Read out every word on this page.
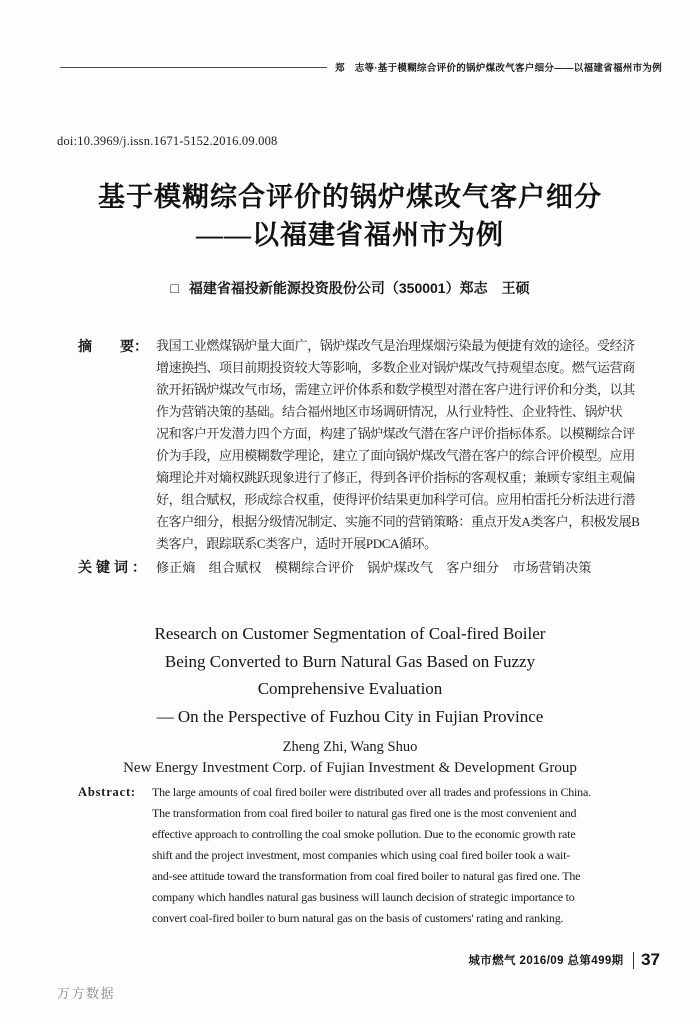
郑　志等·基于模糊综合评价的锅炉煤改气客户细分——以福建省福州市为例
doi:10.3969/j.issn.1671-5152.2016.09.008
基于模糊综合评价的锅炉煤改气客户细分
——以福建省福州市为例
□ 福建省福投新能源投资股份公司（350001）郑志　王硕
摘 要： 我国工业燃煤锅炉量大面广，锅炉煤改气是治理煤烟污染最为便捷有效的途径。受经济
增速换挡、项目前期投资较大等影响，多数企业对锅炉煤改气持观望态度。燃气运营商
欲开拓锅炉煤改气市场，需建立评价体系和数学模型对潜在客户进行评价和分类，以其
作为营销决策的基础。结合福州地区市场调研情况，从行业特性、企业特性、锅炉状
况和客户开发潜力四个方面，构建了锅炉煤改气潜在客户评价指标体系。以模糊综合评
价为手段，应用模糊数学理论，建立了面向锅炉煤改气潜在客户的综合评价模型。应用
熵理论并对熵权跳跃现象进行了修正，得到各评价指标的客观权重；兼顾专家组主观偏
好，组合赋权，形成综合权重，使得评价结果更加科学可信。应用柏雷托分析法进行潜
在客户细分，根据分级情况制定、实施不同的营销策略：重点开发A类客户，积极发展B
类客户，跟踪联系C类客户，适时开展PDCA循环。
关键词： 修正熵　组合赋权　模糊综合评价　锅炉煤改气　客户细分　市场营销决策
Research on Customer Segmentation of Coal-fired Boiler
Being Converted to Burn Natural Gas Based on Fuzzy
Comprehensive Evaluation
— On the Perspective of Fuzhou City in Fujian Province
Zheng Zhi, Wang Shuo
New Energy Investment Corp. of Fujian Investment & Development Group
Abstract:	The large amounts of coal fired boiler were distributed over all trades and professions in China.
The transformation from coal fired boiler to natural gas fired one is the most convenient and
effective approach to controlling the coal smoke pollution. Due to the economic growth rate
shift and the project investment, most companies which using coal fired boiler took a wait-
and-see attitude toward the transformation from coal fired boiler to natural gas fired one. The
company which handles natural gas business will launch decision of strategic importance to
convert coal-fired boiler to burn natural gas on the basis of customers' rating and ranking.
城市燃气 2016/09 总第499期 37
万方数据
